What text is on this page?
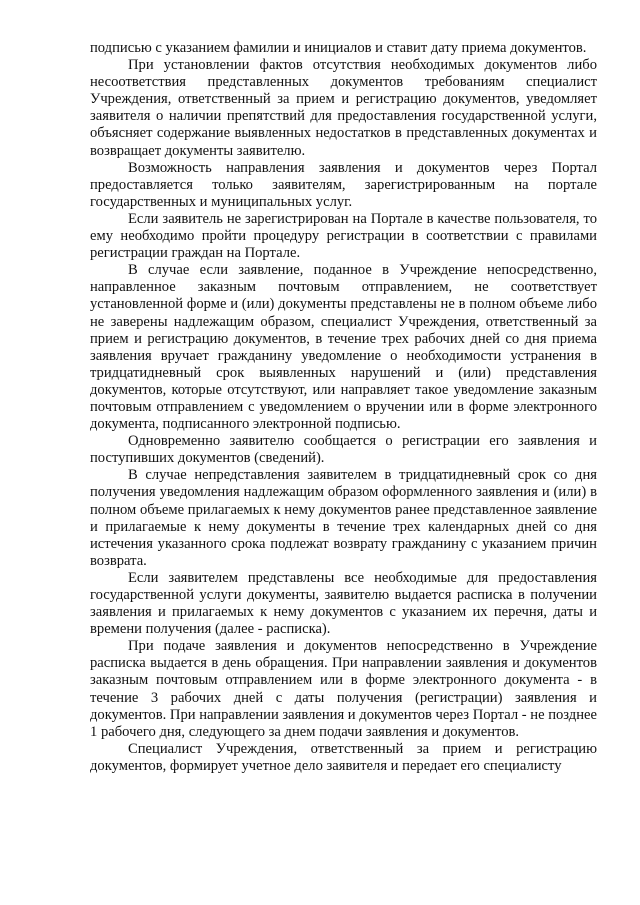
подписью с указанием фамилии и инициалов и ставит дату приема документов.

При установлении фактов отсутствия необходимых документов либо несоответствия представленных документов требованиям специалист Учреждения, ответственный за прием и регистрацию документов, уведомляет заявителя о наличии препятствий для предоставления государственной услуги, объясняет содержание выявленных недостатков в представленных документах и возвращает документы заявителю.

Возможность направления заявления и документов через Портал предоставляется только заявителям, зарегистрированным на портале государственных и муниципальных услуг.

Если заявитель не зарегистрирован на Портале в качестве пользователя, то ему необходимо пройти процедуру регистрации в соответствии с правилами регистрации граждан на Портале.

В случае если заявление, поданное в Учреждение непосредственно, направленное заказным почтовым отправлением, не соответствует установленной форме и (или) документы представлены не в полном объеме либо не заверены надлежащим образом, специалист Учреждения, ответственный за прием и регистрацию документов, в течение трех рабочих дней со дня приема заявления вручает гражданину уведомление о необходимости устранения в тридцатидневный срок выявленных нарушений и (или) представления документов, которые отсутствуют, или направляет такое уведомление заказным почтовым отправлением с уведомлением о вручении или в форме электронного документа, подписанного электронной подписью.

Одновременно заявителю сообщается о регистрации его заявления и поступивших документов (сведений).

В случае непредставления заявителем в тридцатидневный срок со дня получения уведомления надлежащим образом оформленного заявления и (или) в полном объеме прилагаемых к нему документов ранее представленное заявление и прилагаемые к нему документы в течение трех календарных дней со дня истечения указанного срока подлежат возврату гражданину с указанием причин возврата.

Если заявителем представлены все необходимые для предоставления государственной услуги документы, заявителю выдается расписка в получении заявления и прилагаемых к нему документов с указанием их перечня, даты и времени получения (далее - расписка).

При подаче заявления и документов непосредственно в Учреждение расписка выдается в день обращения. При направлении заявления и документов заказным почтовым отправлением или в форме электронного документа - в течение 3 рабочих дней с даты получения (регистрации) заявления и документов. При направлении заявления и документов через Портал - не позднее 1 рабочего дня, следующего за днем подачи заявления и документов.

Специалист Учреждения, ответственный за прием и регистрацию документов, формирует учетное дело заявителя и передает его специалисту
